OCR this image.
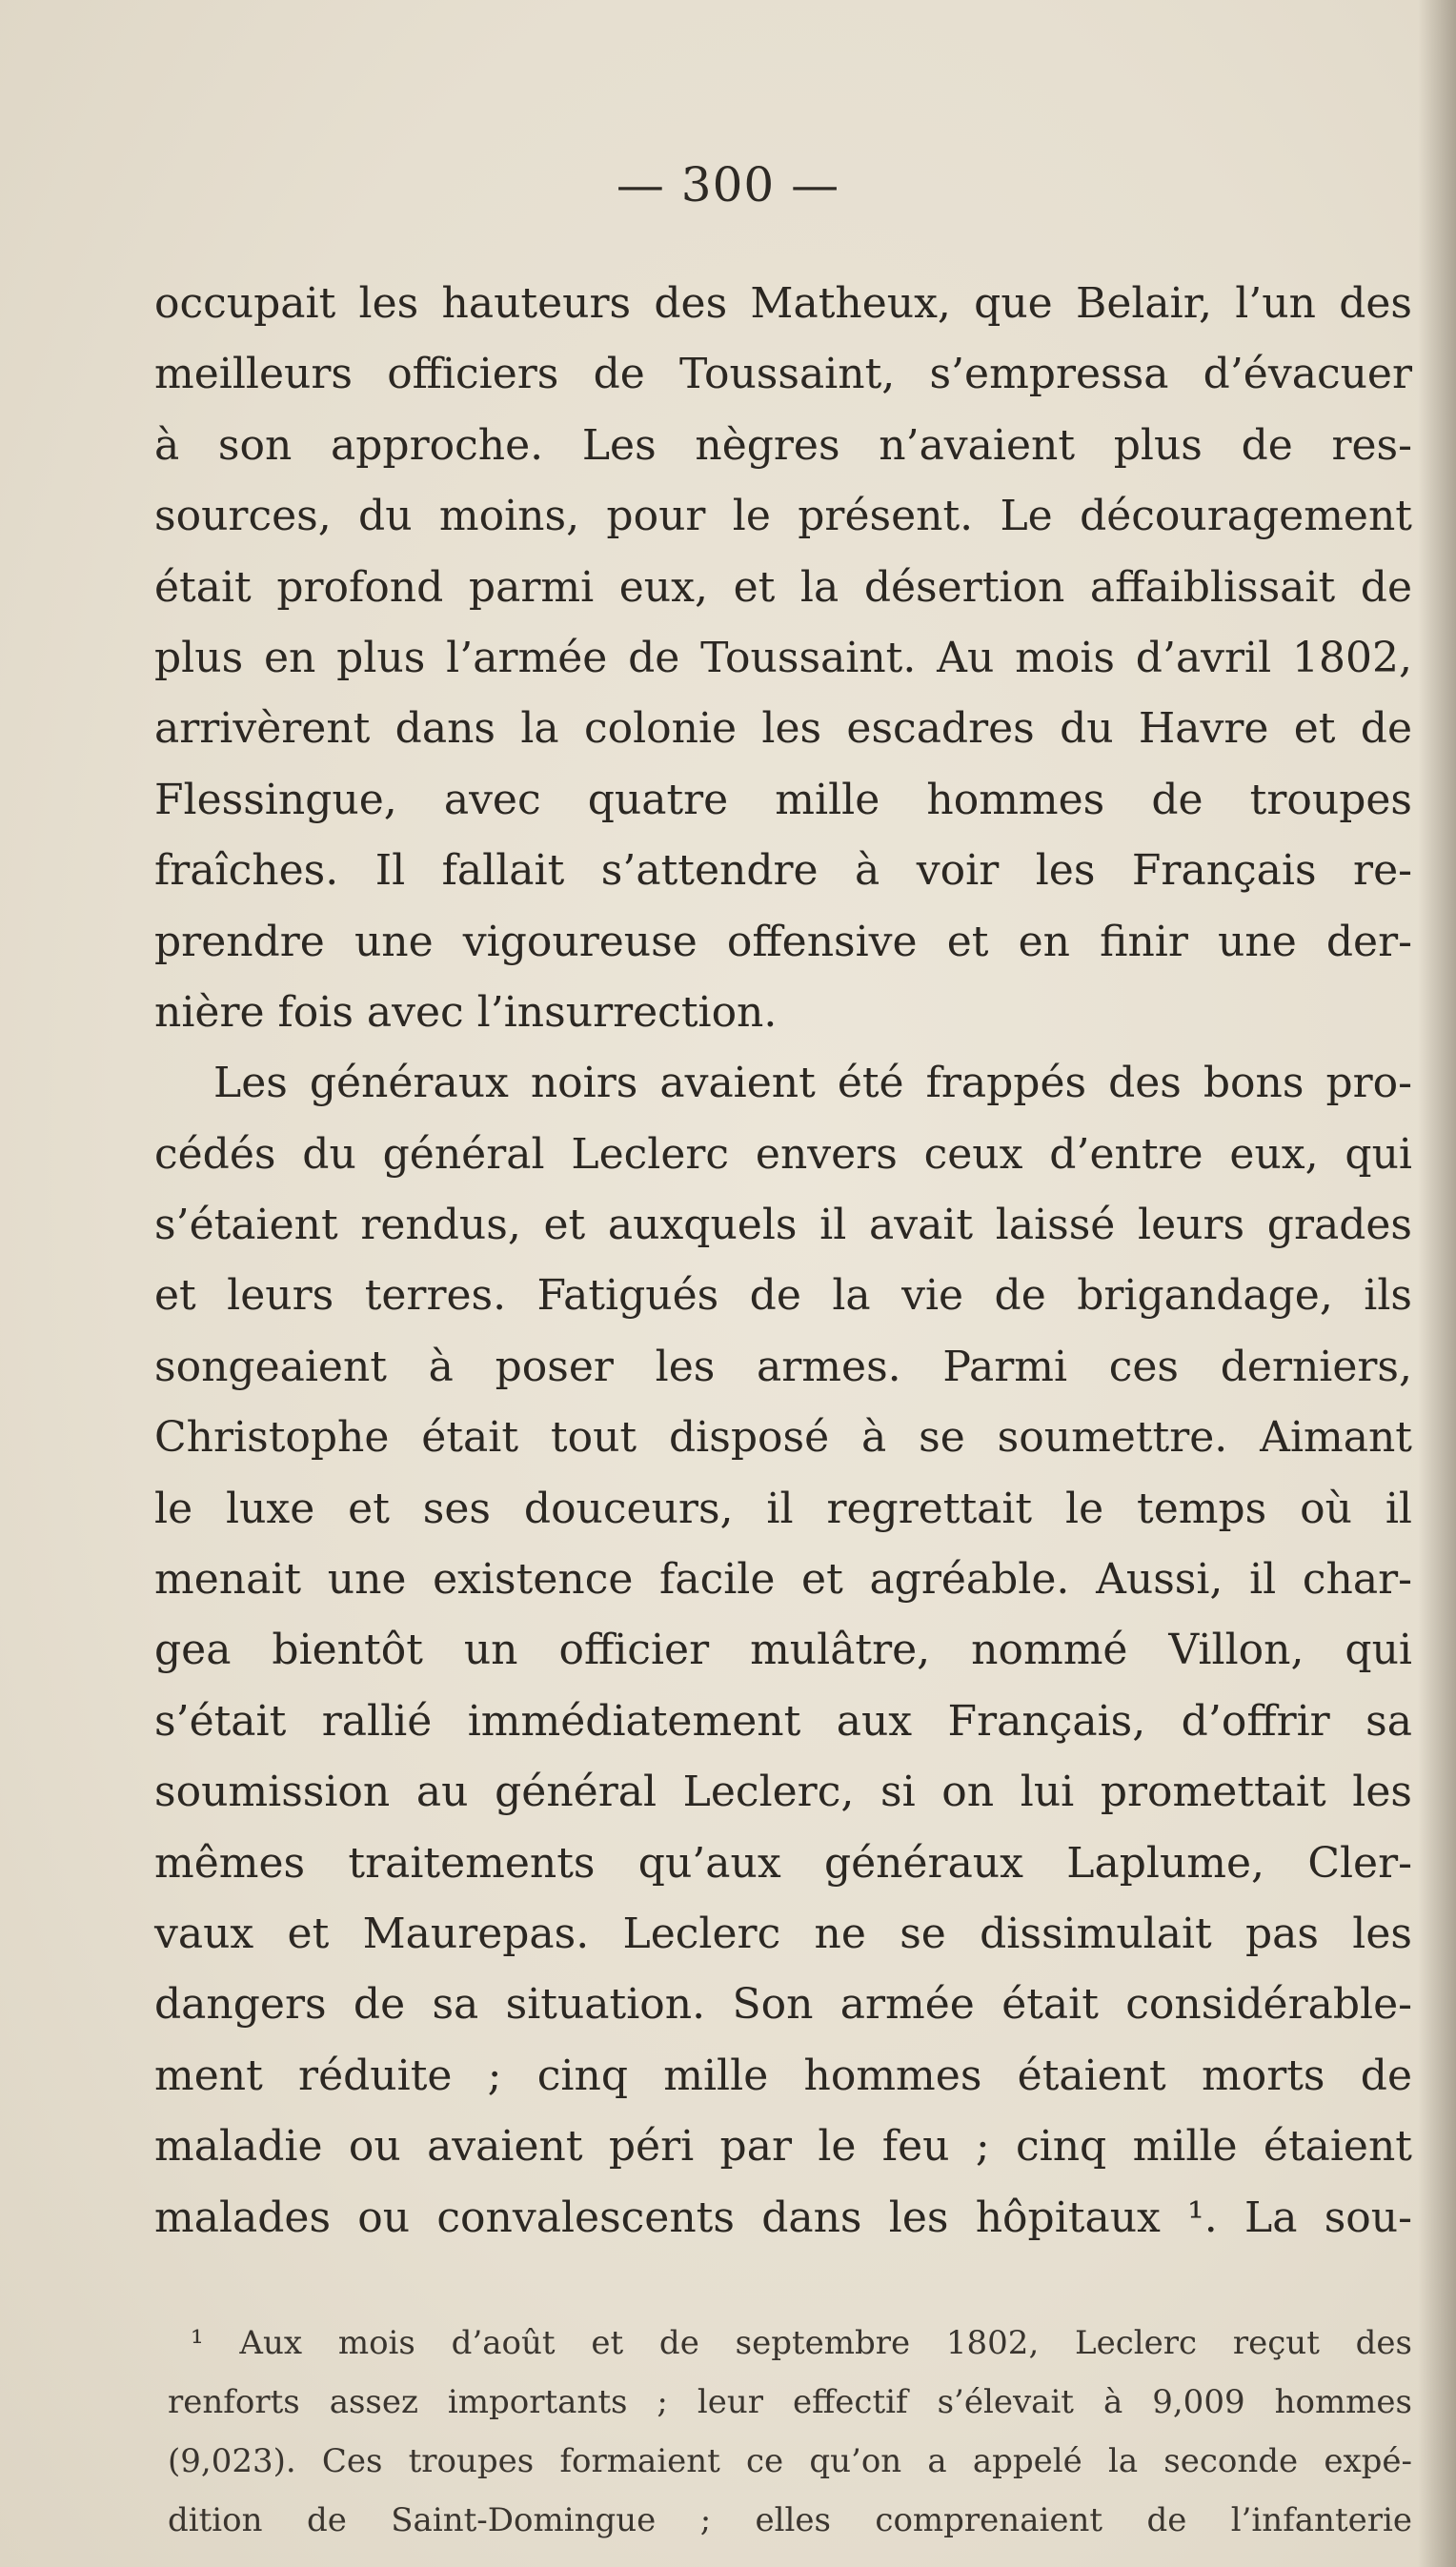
— 300 —
occupait les hauteurs des Matheux, que Belair, l’un des
meilleurs officiers de Toussaint, s’empressa d’évacuer
à son approche. Les nègres n’avaient plus de res-
sources, du moins, pour le présent. Le découragement
était profond parmi eux, et la désertion affaiblissait de
plus en plus l’armée de Toussaint. Au mois d’avril 1802,
arrivèrent dans la colonie les escadres du Havre et de
Flessingue, avec quatre mille hommes de troupes
fraîches. Il fallait s’attendre à voir les Français re-
prendre une vigoureuse offensive et en finir une der-
nière fois avec l’insurrection.
Les généraux noirs avaient été frappés des bons pro-
cédés du général Leclerc envers ceux d’entre eux, qui
s’étaient rendus, et auxquels il avait laissé leurs grades
et leurs terres. Fatigués de la vie de brigandage, ils
songeaient à poser les armes. Parmi ces derniers,
Christophe était tout disposé à se soumettre. Aimant
le luxe et ses douceurs, il regrettait le temps où il
menait une existence facile et agréable. Aussi, il char-
gea bientôt un officier mulâtre, nommé Villon, qui
s’était rallié immédiatement aux Français, d’offrir sa
soumission au général Leclerc, si on lui promettait les
mêmes traitements qu’aux généraux Laplume, Cler-
vaux et Maurepas. Leclerc ne se dissimulait pas les
dangers de sa situation. Son armée était considérable-
ment réduite ; cinq mille hommes étaient morts de
maladie ou avaient péri par le feu ; cinq mille étaient
malades ou convalescents dans les hôpitaux ¹. La sou-
¹ Aux mois d’août et de septembre 1802, Leclerc reçut des
renforts assez importants ; leur effectif s’élevait à 9,009 hommes
(9,023). Ces troupes formaient ce qu’on a appelé la seconde expé-
dition de Saint-Domingue ; elles comprenaient de l’infanterie
